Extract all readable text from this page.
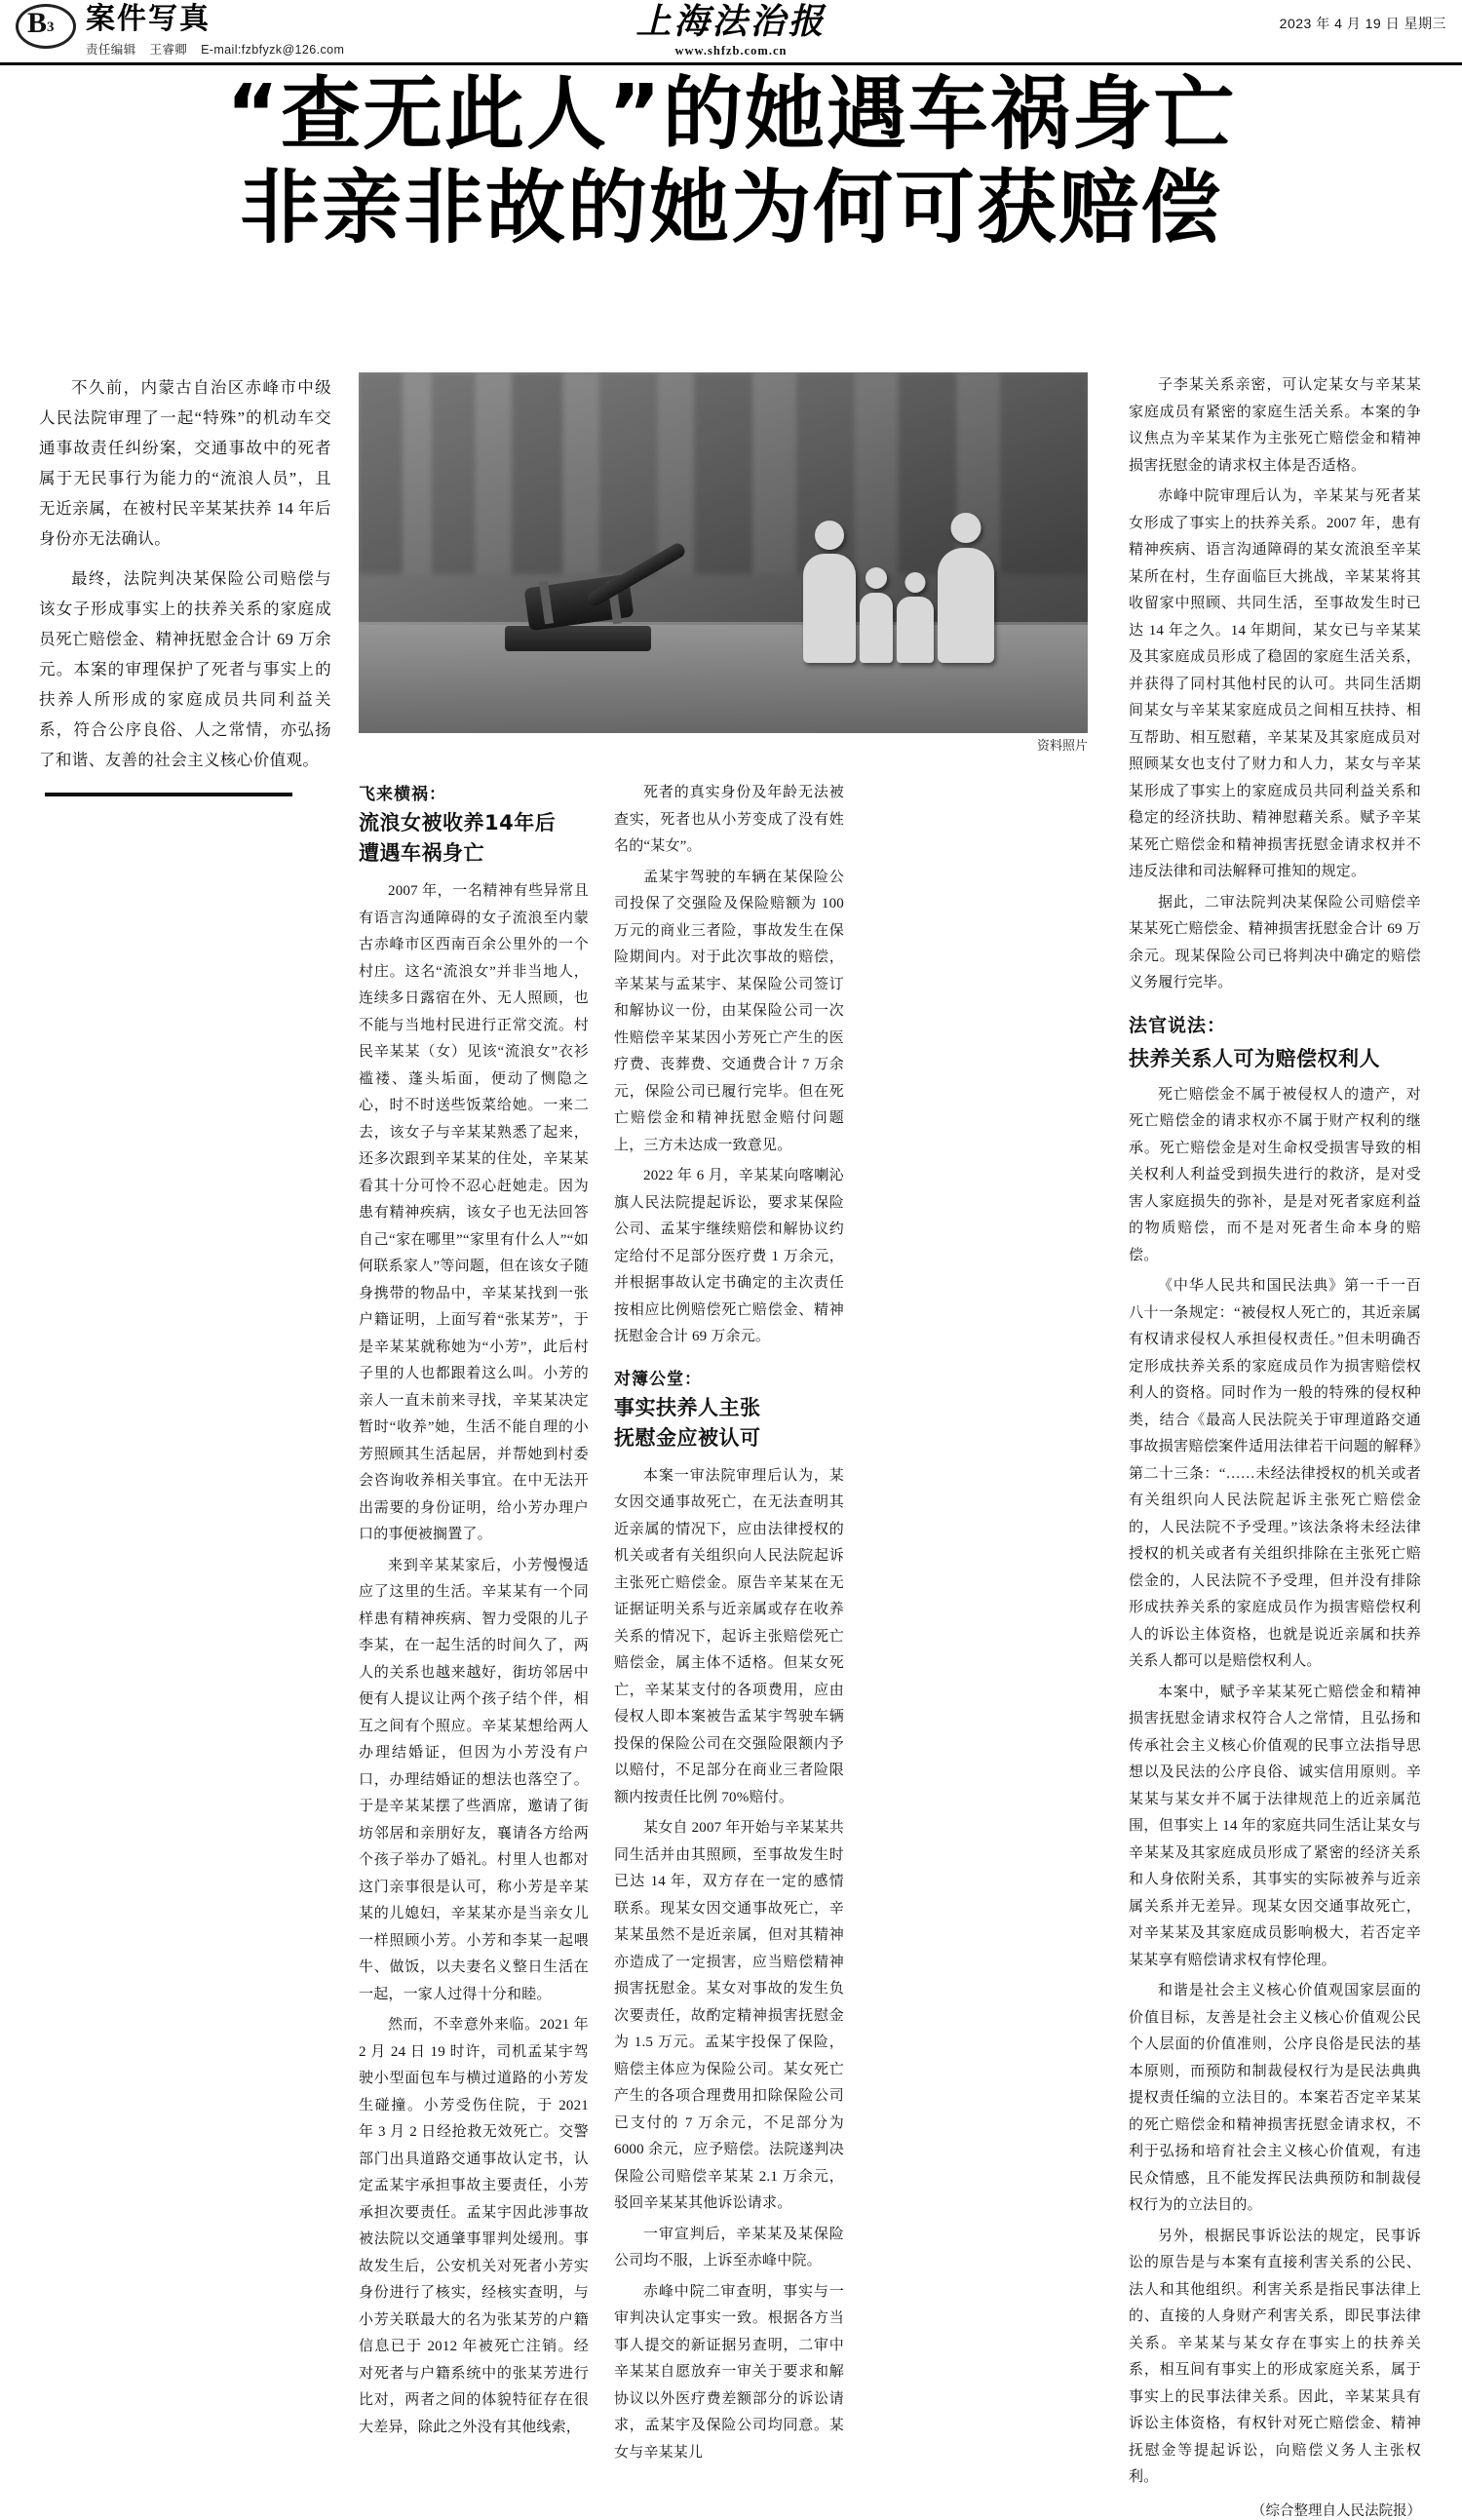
B 3 案件写真
责任编辑 王睿卿 E-mail:fzbfyzk@126.com
上海法治报
www.shfzb.com.cn
2023 年 4 月 19 日 星期三
“查无此人”的她遇车祸身亡
非亲非故的她为何可获赔偿

不久前，内蒙古自治区赤峰市中级人民法院审理了一起“特殊”的机动车交通事故责任纠纷案，交通事故中的死者属于无民事行为能力的“流浪人员”，且无近亲属，在被村民辛某某扶养 14 年后身份亦无法确认。

最终，法院判决某保险公司赔偿与该女子形成事实上的扶养关系的家庭成员死亡赔偿金、精神抚慰金合计 69 万余元。本案的审理保护了死者与事实上的扶养人所形成的家庭成员共同利益关系，符合公序良俗、人之常情，亦弘扬了和谐、友善的社会主义核心价值观。

资料照片
飞来横祸：
流浪女被收养14年后
遭遇车祸身亡

2007 年，一名精神有些异常且有语言沟通障碍的女子流浪至内蒙古赤峰市区西南百余公里外的一个村庄。这名“流浪女”并非当地人，连续多日露宿在外、无人照顾，也不能与当地村民进行正常交流。村民辛某某（女）见该“流浪女”衣衫褴褛、蓬头垢面，便动了恻隐之心，时不时送些饭菜给她。一来二去，该女子与辛某某熟悉了起来，还多次跟到辛某某的住处，辛某某看其十分可怜不忍心赶她走。因为患有精神疾病，该女子也无法回答自己“家在哪里”“家里有什么人”“如何联系家人”等问题，但在该女子随身携带的物品中，辛某某找到一张户籍证明，上面写着“张某芳”，于是辛某某就称她为“小芳”，此后村子里的人也都跟着这么叫。小芳的亲人一直未前来寻找，辛某某决定暂时“收养”她，生活不能自理的小芳照顾其生活起居，并帮她到村委会咨询收养相关事宜。在中无法开出需要的身份证明，给小芳办理户口的事便被搁置了。

来到辛某某家后，小芳慢慢适应了这里的生活。辛某某有一个同样患有精神疾病、智力受限的儿子李某，在一起生活的时间久了，两人的关系也越来越好，街坊邻居中便有人提议让两个孩子结个伴，相互之间有个照应。辛某某想给两人办理结婚证，但因为小芳没有户口，办理结婚证的想法也落空了。于是辛某某摆了些酒席，邀请了街坊邻居和亲朋好友，襄请各方给两个孩子举办了婚礼。村里人也都对这门亲事很是认可，称小芳是辛某某的儿媳妇，辛某某亦是当亲女儿一样照顾小芳。小芳和李某一起喂牛、做饭，以夫妻名义整日生活在一起，一家人过得十分和睦。

然而，不幸意外来临。2021 年 2 月 24 日 19 时许，司机孟某宇驾驶小型面包车与横过道路的小芳发生碰撞。小芳受伤住院，于 2021 年 3 月 2 日经抢救无效死亡。交警部门出具道路交通事故认定书，认定孟某宇承担事故主要责任，小芳承担次要责任。孟某宇因此涉事故被法院以交通肇事罪判处缓刑。事故发生后，公安机关对死者小芳实身份进行了核实，经核实查明，与小芳关联最大的名为张某芳的户籍信息已于 2012 年被死亡注销。经对死者与户籍系统中的张某芳进行比对，两者之间的体貌特征存在很大差异，除此之外没有其他线索，

死者的真实身份及年龄无法被查实，死者也从小芳变成了没有姓名的“某女”。

孟某宇驾驶的车辆在某保险公司投保了交强险及保险赔额为 100 万元的商业三者险，事故发生在保险期间内。对于此次事故的赔偿，辛某某与孟某宇、某保险公司签订和解协议一份，由某保险公司一次性赔偿辛某某因小芳死亡产生的医疗费、丧葬费、交通费合计 7 万余元，保险公司已履行完毕。但在死亡赔偿金和精神抚慰金赔付问题上，三方未达成一致意见。

2022 年 6 月，辛某某向喀喇沁旗人民法院提起诉讼，要求某保险公司、孟某宇继续赔偿和解协议约定给付不足部分医疗费 1 万余元，并根据事故认定书确定的主次责任按相应比例赔偿死亡赔偿金、精神抚慰金合计 69 万余元。

对簿公堂：
事实扶养人主张
抚慰金应被认可

本案一审法院审理后认为，某女因交通事故死亡，在无法查明其近亲属的情况下，应由法律授权的机关或者有关组织向人民法院起诉主张死亡赔偿金。原告辛某某在无证据证明关系与近亲属或存在收养关系的情况下，起诉主张赔偿死亡赔偿金，属主体不适格。但某女死亡，辛某某支付的各项费用，应由侵权人即本案被告孟某宇驾驶车辆投保的保险公司在交强险限额内予以赔付，不足部分在商业三者险限额内按责任比例 70%赔付。

某女自 2007 年开始与辛某某共同生活并由其照顾，至事故发生时已达 14 年，双方存在一定的感情联系。现某女因交通事故死亡，辛某某虽然不是近亲属，但对其精神亦造成了一定损害，应当赔偿精神损害抚慰金。某女对事故的发生负次要责任，故酌定精神损害抚慰金为 1.5 万元。孟某宇投保了保险，赔偿主体应为保险公司。某女死亡产生的各项合理费用扣除保险公司已支付的 7 万余元，不足部分为 6000 余元，应予赔偿。法院遂判决保险公司赔偿辛某某 2.1 万余元，驳回辛某某其他诉讼请求。

一审宣判后，辛某某及某保险公司均不服，上诉至赤峰中院。

赤峰中院二审查明，事实与一审判决认定事实一致。根据各方当事人提交的新证据另查明，二审中辛某某自愿放弃一审关于要求和解协议以外医疗费差额部分的诉讼请求，孟某宇及保险公司均同意。某女与辛某某儿

子李某关系亲密，可认定某女与辛某某家庭成员有紧密的家庭生活关系。本案的争议焦点为辛某某作为主张死亡赔偿金和精神损害抚慰金的请求权主体是否适格。

赤峰中院审理后认为，辛某某与死者某女形成了事实上的扶养关系。2007 年，患有精神疾病、语言沟通障碍的某女流浪至辛某某所在村，生存面临巨大挑战，辛某某将其收留家中照顾、共同生活，至事故发生时已达 14 年之久。14 年期间，某女已与辛某某及其家庭成员形成了稳固的家庭生活关系，并获得了同村其他村民的认可。共同生活期间某女与辛某某家庭成员之间相互扶持、相互帮助、相互慰藉，辛某某及其家庭成员对照顾某女也支付了财力和人力，某女与辛某某形成了事实上的家庭成员共同利益关系和稳定的经济扶助、精神慰藉关系。赋予辛某某死亡赔偿金和精神损害抚慰金请求权并不违反法律和司法解释可推知的规定。

据此，二审法院判决某保险公司赔偿辛某某死亡赔偿金、精神损害抚慰金合计 69 万余元。现某保险公司已将判决中确定的赔偿义务履行完毕。

法官说法：
扶养关系人可为赔偿权利人

死亡赔偿金不属于被侵权人的遗产，对死亡赔偿金的请求权亦不属于财产权利的继承。死亡赔偿金是对生命权受损害导致的相关权利人利益受到损失进行的救济，是对受害人家庭损失的弥补，是是对死者家庭利益的物质赔偿，而不是对死者生命本身的赔偿。

《中华人民共和国民法典》第一千一百八十一条规定：“被侵权人死亡的，其近亲属有权请求侵权人承担侵权责任。”但未明确否定形成扶养关系的家庭成员作为损害赔偿权利人的资格。同时作为一般的特殊的侵权种类，结合《最高人民法院关于审理道路交通事故损害赔偿案件适用法律若干问题的解释》第二十三条：“……未经法律授权的机关或者有关组织向人民法院起诉主张死亡赔偿金的，人民法院不予受理。”该法条将未经法律授权的机关或者有关组织排除在主张死亡赔偿金的，人民法院不予受理，但并没有排除形成扶养关系的家庭成员作为损害赔偿权利人的诉讼主体资格，也就是说近亲属和扶养关系人都可以是赔偿权利人。

本案中，赋予辛某某死亡赔偿金和精神损害抚慰金请求权符合人之常情，且弘扬和传承社会主义核心价值观的民事立法指导思想以及民法的公序良俗、诚实信用原则。辛某某与某女并不属于法律规范上的近亲属范围，但事实上 14 年的家庭共同生活让某女与辛某某及其家庭成员形成了紧密的经济关系和人身依附关系，其事实的实际被养与近亲属关系并无差异。现某女因交通事故死亡，对辛某某及其家庭成员影响极大，若否定辛某某享有赔偿请求权有悖伦理。

和谐是社会主义核心价值观国家层面的价值目标，友善是社会主义核心价值观公民个人层面的价值准则，公序良俗是民法的基本原则，而预防和制裁侵权行为是民法典典提权责任编的立法目的。本案若否定辛某某的死亡赔偿金和精神损害抚慰金请求权，不利于弘扬和培育社会主义核心价值观，有违民众情感，且不能发挥民法典预防和制裁侵权行为的立法目的。

另外，根据民事诉讼法的规定，民事诉讼的原告是与本案有直接利害关系的公民、法人和其他组织。利害关系是指民事法律上的、直接的人身财产利害关系，即民事法律关系。辛某某与某女存在事实上的扶养关系，相互间有事实上的形成家庭关系，属于事实上的民事法律关系。因此，辛某某具有诉讼主体资格，有权针对死亡赔偿金、精神抚慰金等提起诉讼，向赔偿义务人主张权利。

（综合整理自人民法院报）
